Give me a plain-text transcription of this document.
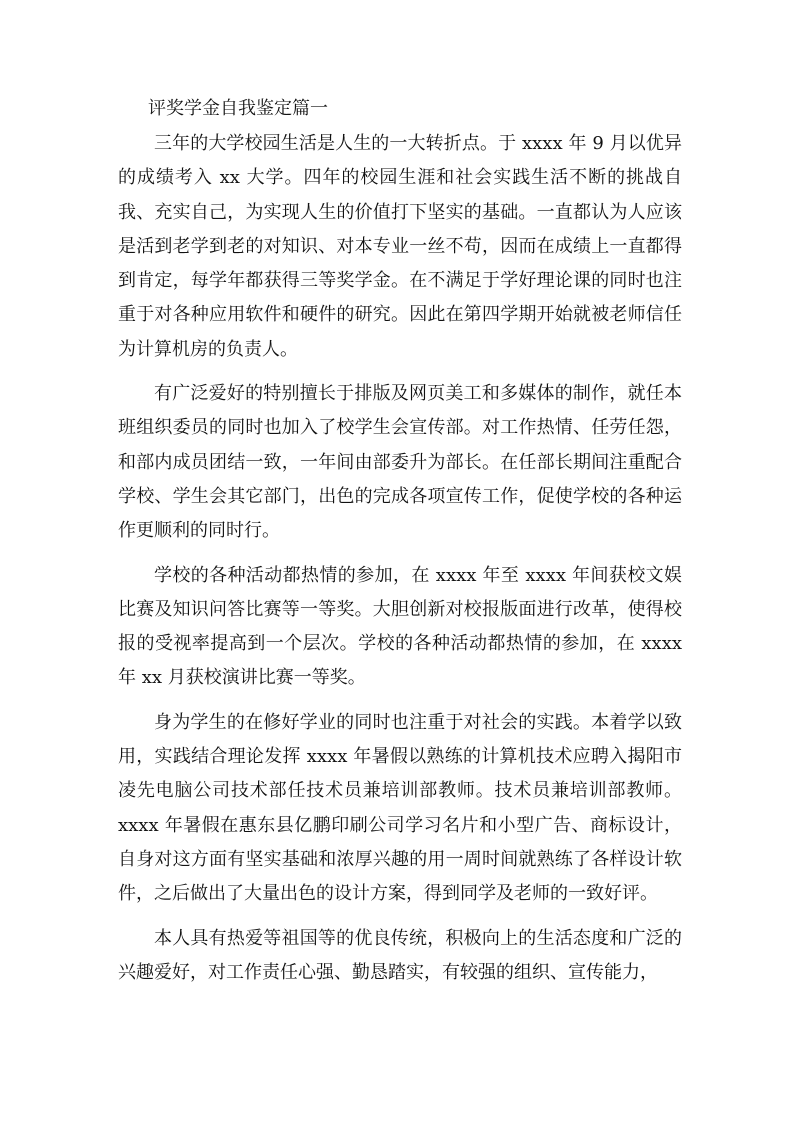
评奖学金自我鉴定篇一

三年的大学校园生活是人生的一大转折点。于 xxxx 年 9 月以优异的成绩考入 xx 大学。四年的校园生涯和社会实践生活不断的挑战自我、充实自己，为实现人生的价值打下坚实的基础。一直都认为人应该是活到老学到老的对知识、对本专业一丝不苟，因而在成绩上一直都得到肯定，每学年都获得三等奖学金。在不满足于学好理论课的同时也注重于对各种应用软件和硬件的研究。因此在第四学期开始就被老师信任为计算机房的负责人。

有广泛爱好的特别擅长于排版及网页美工和多媒体的制作，就任本班组织委员的同时也加入了校学生会宣传部。对工作热情、任劳任怨，和部内成员团结一致，一年间由部委升为部长。在任部长期间注重配合学校、学生会其它部门，出色的完成各项宣传工作，促使学校的各种运作更顺利的同时行。

学校的各种活动都热情的参加，在 xxxx 年至 xxxx 年间获校文娱比赛及知识问答比赛等一等奖。大胆创新对校报版面进行改革，使得校报的受视率提高到一个层次。学校的各种活动都热情的参加，在 xxxx 年 xx 月获校演讲比赛一等奖。

身为学生的在修好学业的同时也注重于对社会的实践。本着学以致用，实践结合理论发挥 xxxx 年暑假以熟练的计算机技术应聘入揭阳市凌先电脑公司技术部任技术员兼培训部教师。技术员兼培训部教师。xxxx 年暑假在惠东县亿鹏印刷公司学习名片和小型广告、商标设计，自身对这方面有坚实基础和浓厚兴趣的用一周时间就熟练了各样设计软件，之后做出了大量出色的设计方案，得到同学及老师的一致好评。

本人具有热爱等祖国等的优良传统，积极向上的生活态度和广泛的兴趣爱好，对工作责任心强、勤恳踏实，有较强的组织、宣传能力，
